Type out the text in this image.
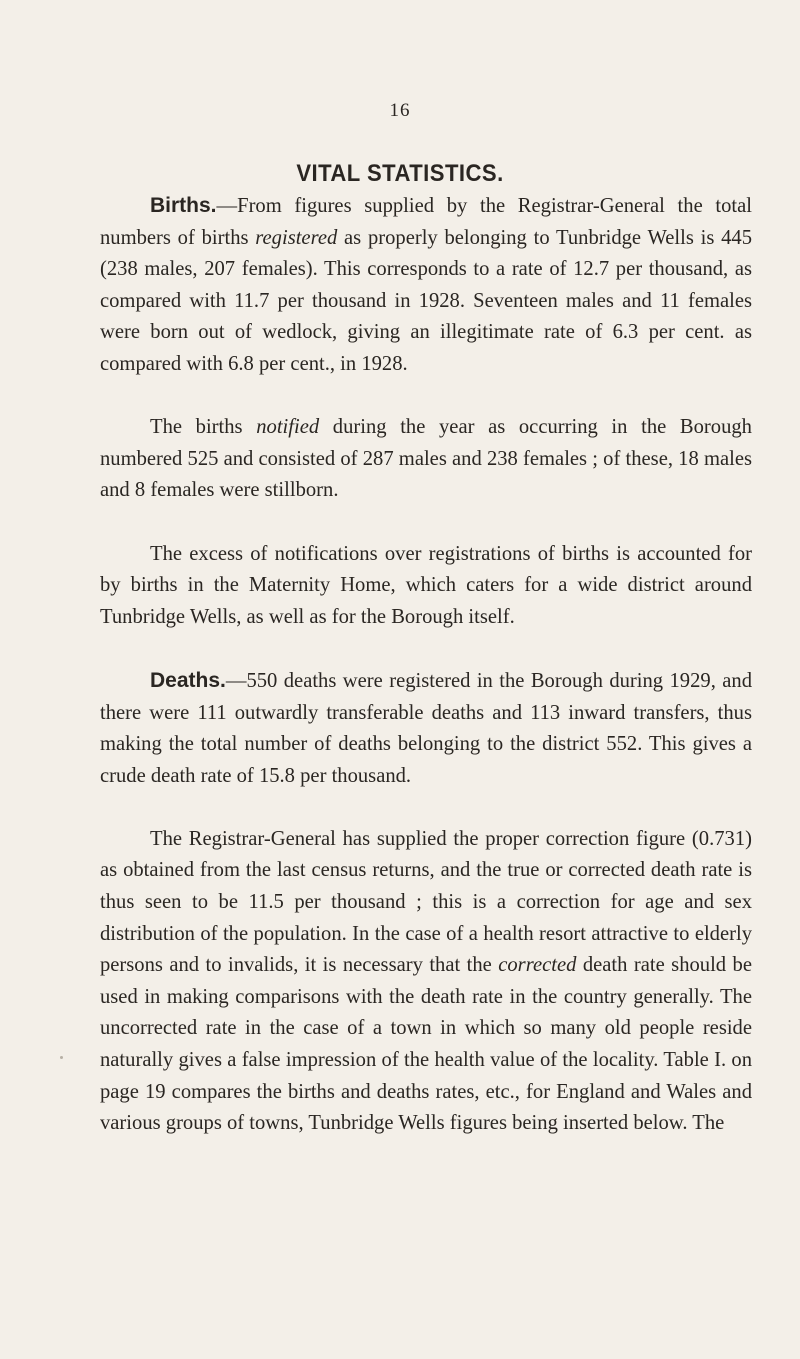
16
VITAL STATISTICS.

Births.—From figures supplied by the Registrar-General the total numbers of births registered as properly belonging to Tunbridge Wells is 445 (238 males, 207 females). This corresponds to a rate of 12.7 per thousand, as compared with 11.7 per thousand in 1928. Seventeen males and 11 females were born out of wedlock, giving an illegitimate rate of 6.3 per cent. as compared with 6.8 per cent., in 1928.

The births notified during the year as occurring in the Borough numbered 525 and consisted of 287 males and 238 females ; of these, 18 males and 8 females were stillborn.

The excess of notifications over registrations of births is accounted for by births in the Maternity Home, which caters for a wide district around Tunbridge Wells, as well as for the Borough itself.

Deaths.—550 deaths were registered in the Borough during 1929, and there were 111 outwardly transferable deaths and 113 inward transfers, thus making the total number of deaths belonging to the district 552. This gives a crude death rate of 15.8 per thousand.

The Registrar-General has supplied the proper correction figure (0.731) as obtained from the last census returns, and the true or corrected death rate is thus seen to be 11.5 per thousand ; this is a correction for age and sex distribution of the population. In the case of a health resort attractive to elderly persons and to invalids, it is necessary that the corrected death rate should be used in making comparisons with the death rate in the country generally. The uncorrected rate in the case of a town in which so many old people reside naturally gives a false impression of the health value of the locality. Table I. on page 19 compares the births and deaths rates, etc., for England and Wales and various groups of towns, Tunbridge Wells figures being inserted below. The
